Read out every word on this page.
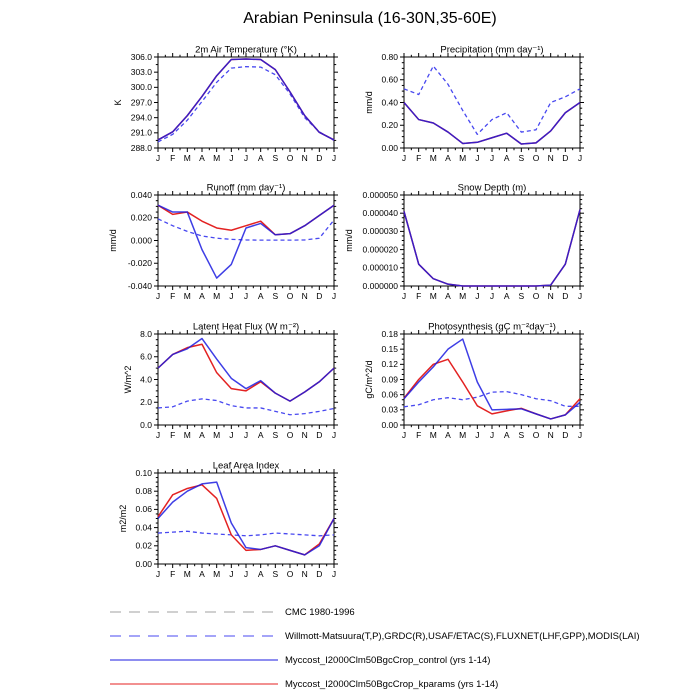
Arabian Peninsula (16-30N,35-60E)
288.0
291.0
294.0
297.0
300.0
303.0
306.0
J F M A M J J A S O N D J
K
2m Air Temperature (°K)
0.00
0.20
0.40
0.60
0.80
J F M A M J J A S O N D J
mm/d
Precipitation (mm day⁻¹)
-0.040
-0.020
0.000
0.020
0.040
J F M A M J J A S O N D J
mm/d
Runoff (mm day⁻¹)
0.000000
0.000010
0.000020
0.000030
0.000040
0.000050
J F M A M J J A S O N D J
mm/d
Snow Depth (m)
0.0
2.0
4.0
6.0
8.0
J F M A M J J A S O N D J
W/m^2
Latent Heat Flux (W m⁻²)
0.00
0.03
0.06
0.09
0.12
0.15
0.18
J F M A M J J A S O N D J
gC/m^2/d
Photosynthesis (gC m⁻²day⁻¹)
0.00
0.02
0.04
0.06
0.08
0.10
J F M A M J J A S O N D J
m2/m2
Leaf Area Index
CMC 1980-1996
Willmott-Matsuura(T,P),GRDC(R),USAF/ETAC(S),FLUXNET(LHF,GPP),MODIS(LAI)
Myccost_I2000Clm50BgcCrop_control (yrs 1-14)
Myccost_I2000Clm50BgcCrop_kparams (yrs 1-14)
